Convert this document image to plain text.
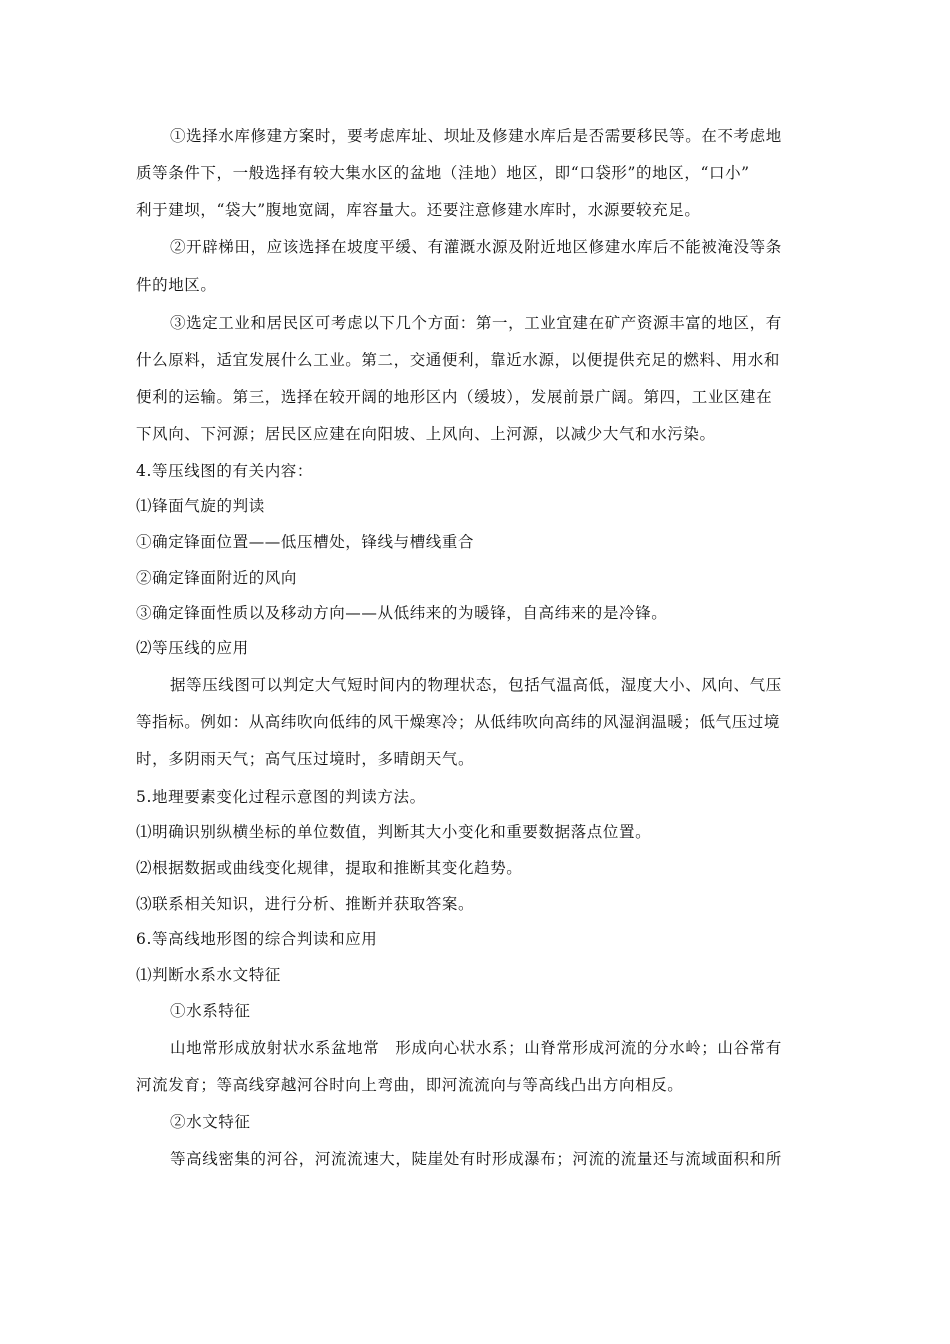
①选择水库修建方案时，要考虑库址、坝址及修建水库后是否需要移民等。在不考虑地
质等条件下，一般选择有较大集水区的盆地（洼地）地区，即“口袋形”的地区，“口小”
利于建坝，“袋大”腹地宽阔，库容量大。还要注意修建水库时，水源要较充足。
②开辟梯田，应该选择在坡度平缓、有灌溉水源及附近地区修建水库后不能被淹没等条
件的地区。
③选定工业和居民区可考虑以下几个方面：第一，工业宜建在矿产资源丰富的地区，有
什么原料，适宜发展什么工业。第二，交通便利，靠近水源，以便提供充足的燃料、用水和
便利的运输。第三，选择在较开阔的地形区内（缓坡），发展前景广阔。第四，工业区建在
下风向、下河源；居民区应建在向阳坡、上风向、上河源，以减少大气和水污染。
4.等压线图的有关内容：
⑴锋面气旋的判读
①确定锋面位置——低压槽处，锋线与槽线重合
②确定锋面附近的风向
③确定锋面性质以及移动方向——从低纬来的为暖锋，自高纬来的是冷锋。
⑵等压线的应用
据等压线图可以判定大气短时间内的物理状态，包括气温高低，湿度大小、风向、气压
等指标。例如：从高纬吹向低纬的风干燥寒冷；从低纬吹向高纬的风湿润温暖；低气压过境
时，多阴雨天气；高气压过境时，多晴朗天气。
5.地理要素变化过程示意图的判读方法。
⑴明确识别纵横坐标的单位数值，判断其大小变化和重要数据落点位置。
⑵根据数据或曲线变化规律，提取和推断其变化趋势。
⑶联系相关知识，进行分析、推断并获取答案。
6.等高线地形图的综合判读和应用
⑴判断水系水文特征
①水系特征
山地常形成放射状水系盆地常　形成向心状水系；山脊常形成河流的分水岭；山谷常有
河流发育；等高线穿越河谷时向上弯曲，即河流流向与等高线凸出方向相反。
②水文特征
等高线密集的河谷，河流流速大，陡崖处有时形成瀑布；河流的流量还与流域面积和所
